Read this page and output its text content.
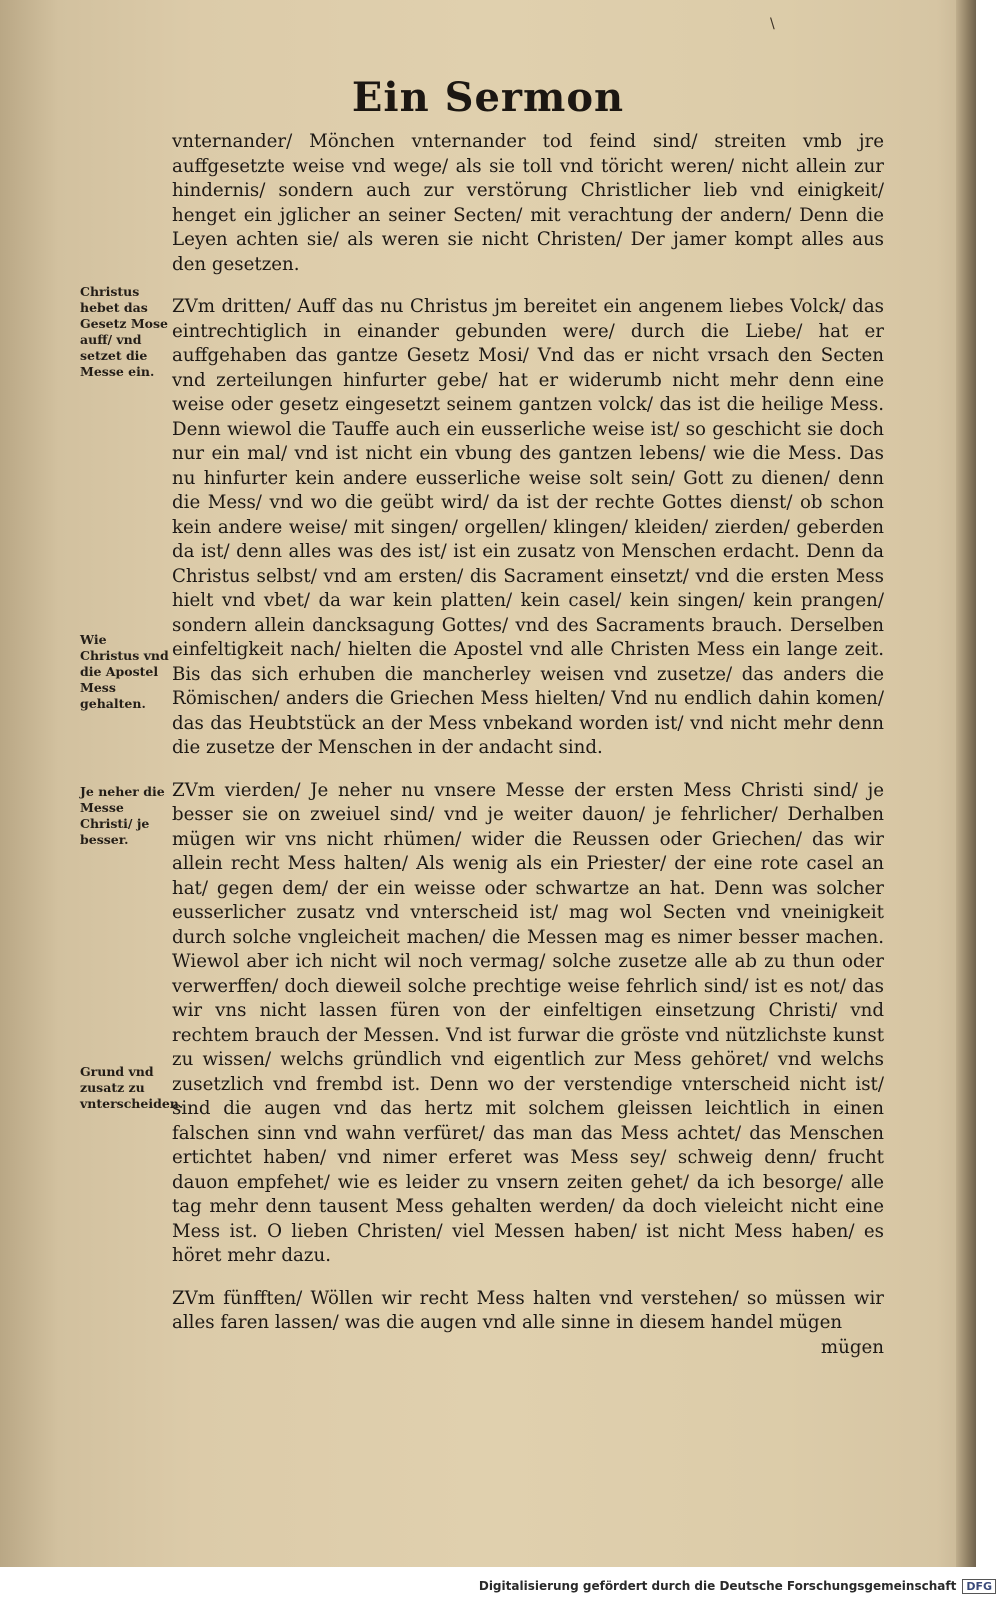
\
Ein Sermon
Christus hebet das Gesetz Mose auff/ vnd setzet die Messe ein.
Wie Christus vnd die Apostel Mess gehalten.
Je neher die Messe Christi/ je besser.
Grund vnd zusatz zu vnterscheiden.

vnternander/ Mönchen vnternander tod feind sind/ streiten vmb jre auffgesetzte weise vnd wege/ als sie toll vnd töricht weren/ nicht allein zur hindernis/ sondern auch zur verstörung Christlicher lieb vnd einigkeit/ henget ein jglicher an seiner Secten/ mit verachtung der andern/ Denn die Leyen achten sie/ als weren sie nicht Christen/ Der jamer kompt alles aus den gesetzen.

ZVm dritten/ Auff das nu Christus jm bereitet ein angenem liebes Volck/ das eintrechtiglich in einander gebunden were/ durch die Liebe/ hat er auffgehaben das gantze Gesetz Mosi/ Vnd das er nicht vrsach den Secten vnd zerteilungen hinfurter gebe/ hat er widerumb nicht mehr denn eine weise oder gesetz eingesetzt seinem gantzen volck/ das ist die heilige Mess. Denn wiewol die Tauffe auch ein eusserliche weise ist/ so geschicht sie doch nur ein mal/ vnd ist nicht ein vbung des gantzen lebens/ wie die Mess. Das nu hinfurter kein andere eusserliche weise solt sein/ Gott zu dienen/ denn die Mess/ vnd wo die geübt wird/ da ist der rechte Gottes dienst/ ob schon kein andere weise/ mit singen/ orgellen/ klingen/ kleiden/ zierden/ geberden da ist/ denn alles was des ist/ ist ein zusatz von Menschen erdacht. Denn da Christus selbst/ vnd am ersten/ dis Sacrament einsetzt/ vnd die ersten Mess hielt vnd vbet/ da war kein platten/ kein casel/ kein singen/ kein prangen/ sondern allein dancksagung Gottes/ vnd des Sacraments brauch. Derselben einfeltigkeit nach/ hielten die Apostel vnd alle Christen Mess ein lange zeit. Bis das sich erhuben die mancherley weisen vnd zusetze/ das anders die Römischen/ anders die Griechen Mess hielten/ Vnd nu endlich dahin komen/ das das Heubtstück an der Mess vnbekand worden ist/ vnd nicht mehr denn die zusetze der Menschen in der andacht sind.

ZVm vierden/ Je neher nu vnsere Messe der ersten Mess Christi sind/ je besser sie on zweiuel sind/ vnd je weiter dauon/ je fehrlicher/ Derhalben mügen wir vns nicht rhümen/ wider die Reussen oder Griechen/ das wir allein recht Mess halten/ Als wenig als ein Priester/ der eine rote casel an hat/ gegen dem/ der ein weisse oder schwartze an hat. Denn was solcher eusserlicher zusatz vnd vnterscheid ist/ mag wol Secten vnd vneinigkeit durch solche vngleicheit machen/ die Messen mag es nimer besser machen. Wiewol aber ich nicht wil noch vermag/ solche zusetze alle ab zu thun oder verwerffen/ doch dieweil solche prechtige weise fehrlich sind/ ist es not/ das wir vns nicht lassen füren von der einfeltigen einsetzung Christi/ vnd rechtem brauch der Messen. Vnd ist furwar die gröste vnd nützlichste kunst zu wissen/ welchs gründlich vnd eigentlich zur Mess gehöret/ vnd welchs zusetzlich vnd frembd ist. Denn wo der verstendige vnterscheid nicht ist/ sind die augen vnd das hertz mit solchem gleissen leichtlich in einen falschen sinn vnd wahn verfüret/ das man das Mess achtet/ das Menschen ertichtet haben/ vnd nimer erferet was Mess sey/ schweig denn/ frucht dauon empfehet/ wie es leider zu vnsern zeiten gehet/ da ich besorge/ alle tag mehr denn tausent Mess gehalten werden/ da doch vieleicht nicht eine Mess ist. O lieben Christen/ viel Messen haben/ ist nicht Mess haben/ es höret mehr dazu.

ZVm fünfften/ Wöllen wir recht Mess halten vnd verstehen/ so müssen wir alles faren lassen/ was die augen vnd alle sinne in diesem handel mügen

mügen
Digitalisierung gefördert durch die Deutsche Forschungsgemeinschaft DFG
